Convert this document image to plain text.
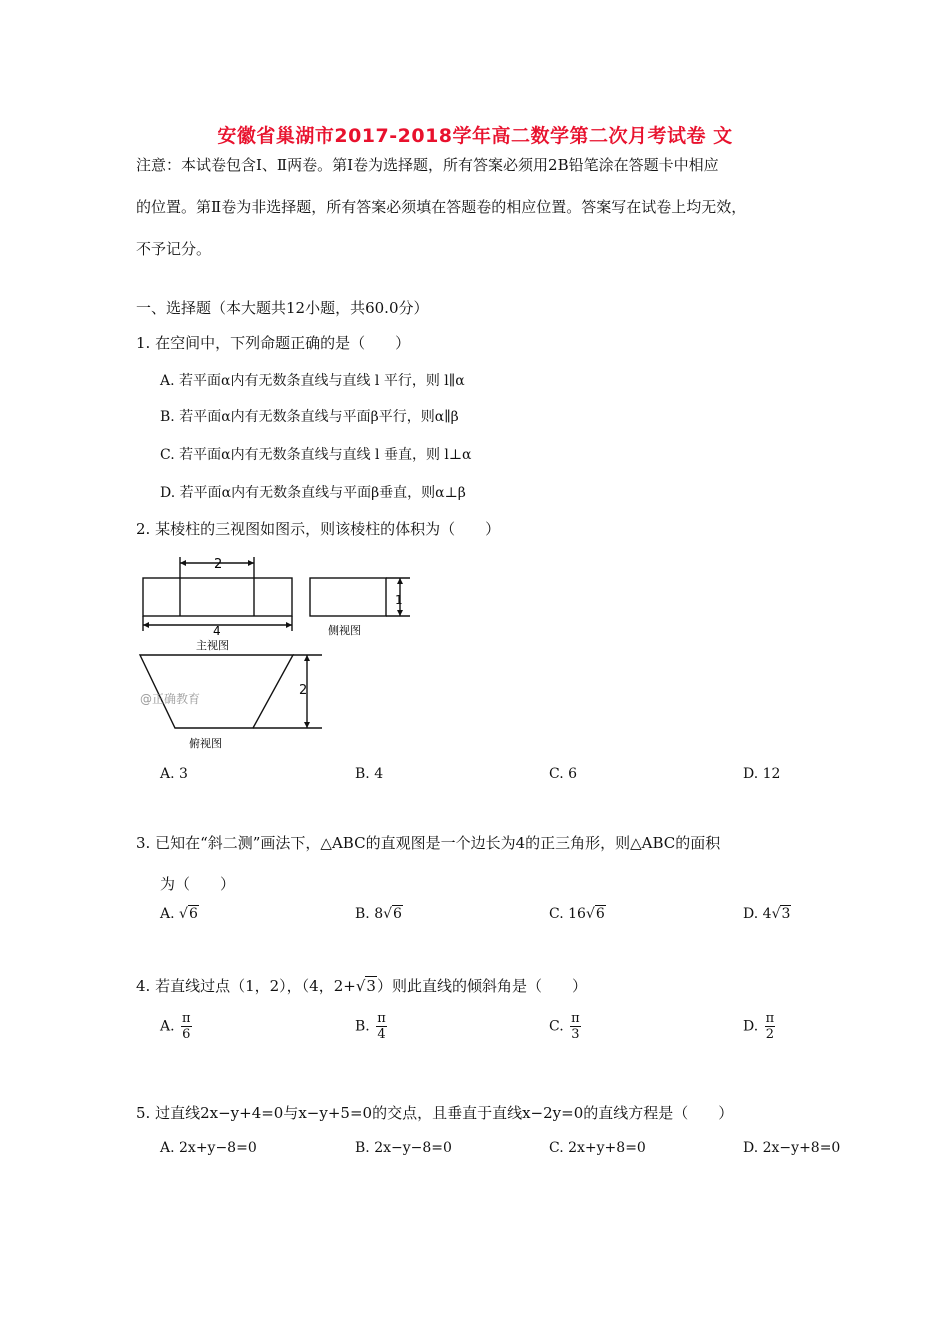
安徽省巢湖市2017-2018学年高二数学第二次月考试卷 文
注意：本试卷包含Ⅰ、Ⅱ两卷。第Ⅰ卷为选择题，所有答案必须用2B铅笔涂在答题卡中相应
的位置。第Ⅱ卷为非选择题，所有答案必须填在答题卷的相应位置。答案写在试卷上均无效，
不予记分。
一、选择题（本大题共12小题，共60.0分）
1. 在空间中，下列命题正确的是（　　）
A. 若平面α内有无数条直线与直线 l 平行，则 l∥α
B. 若平面α内有无数条直线与平面β平行，则α∥β
C. 若平面α内有无数条直线与直线 l 垂直，则 l⊥α
D. 若平面α内有无数条直线与平面β垂直，则α⊥β
2. 某棱柱的三视图如图示，则该棱柱的体积为（　　）
2
4
主视图
侧视图
俯视图
@正确教育
1
2
A. 3	B. 4	C. 6	D. 12
3. 已知在“斜二测”画法下，△ABC的直观图是一个边长为4的正三角形，则△ABC的面积
为（　　）
A. √6	B. 8√6	C. 16√6	D. 4√3
4. 若直线过点（1，2），（4，2+√3）则此直线的倾斜角是（　　）
A. $\frac{\pi}{6}$	B. $\frac{\pi}{4}$	C. $\frac{\pi}{3}$	D. $\frac{\pi}{2}$
5. 过直线2x−y+4=0与x−y+5=0的交点，且垂直于直线x−2y=0的直线方程是（　　）
A. 2x+y−8=0	B. 2x−y−8=0	C. 2x+y+8=0	D. 2x−y+8=0
